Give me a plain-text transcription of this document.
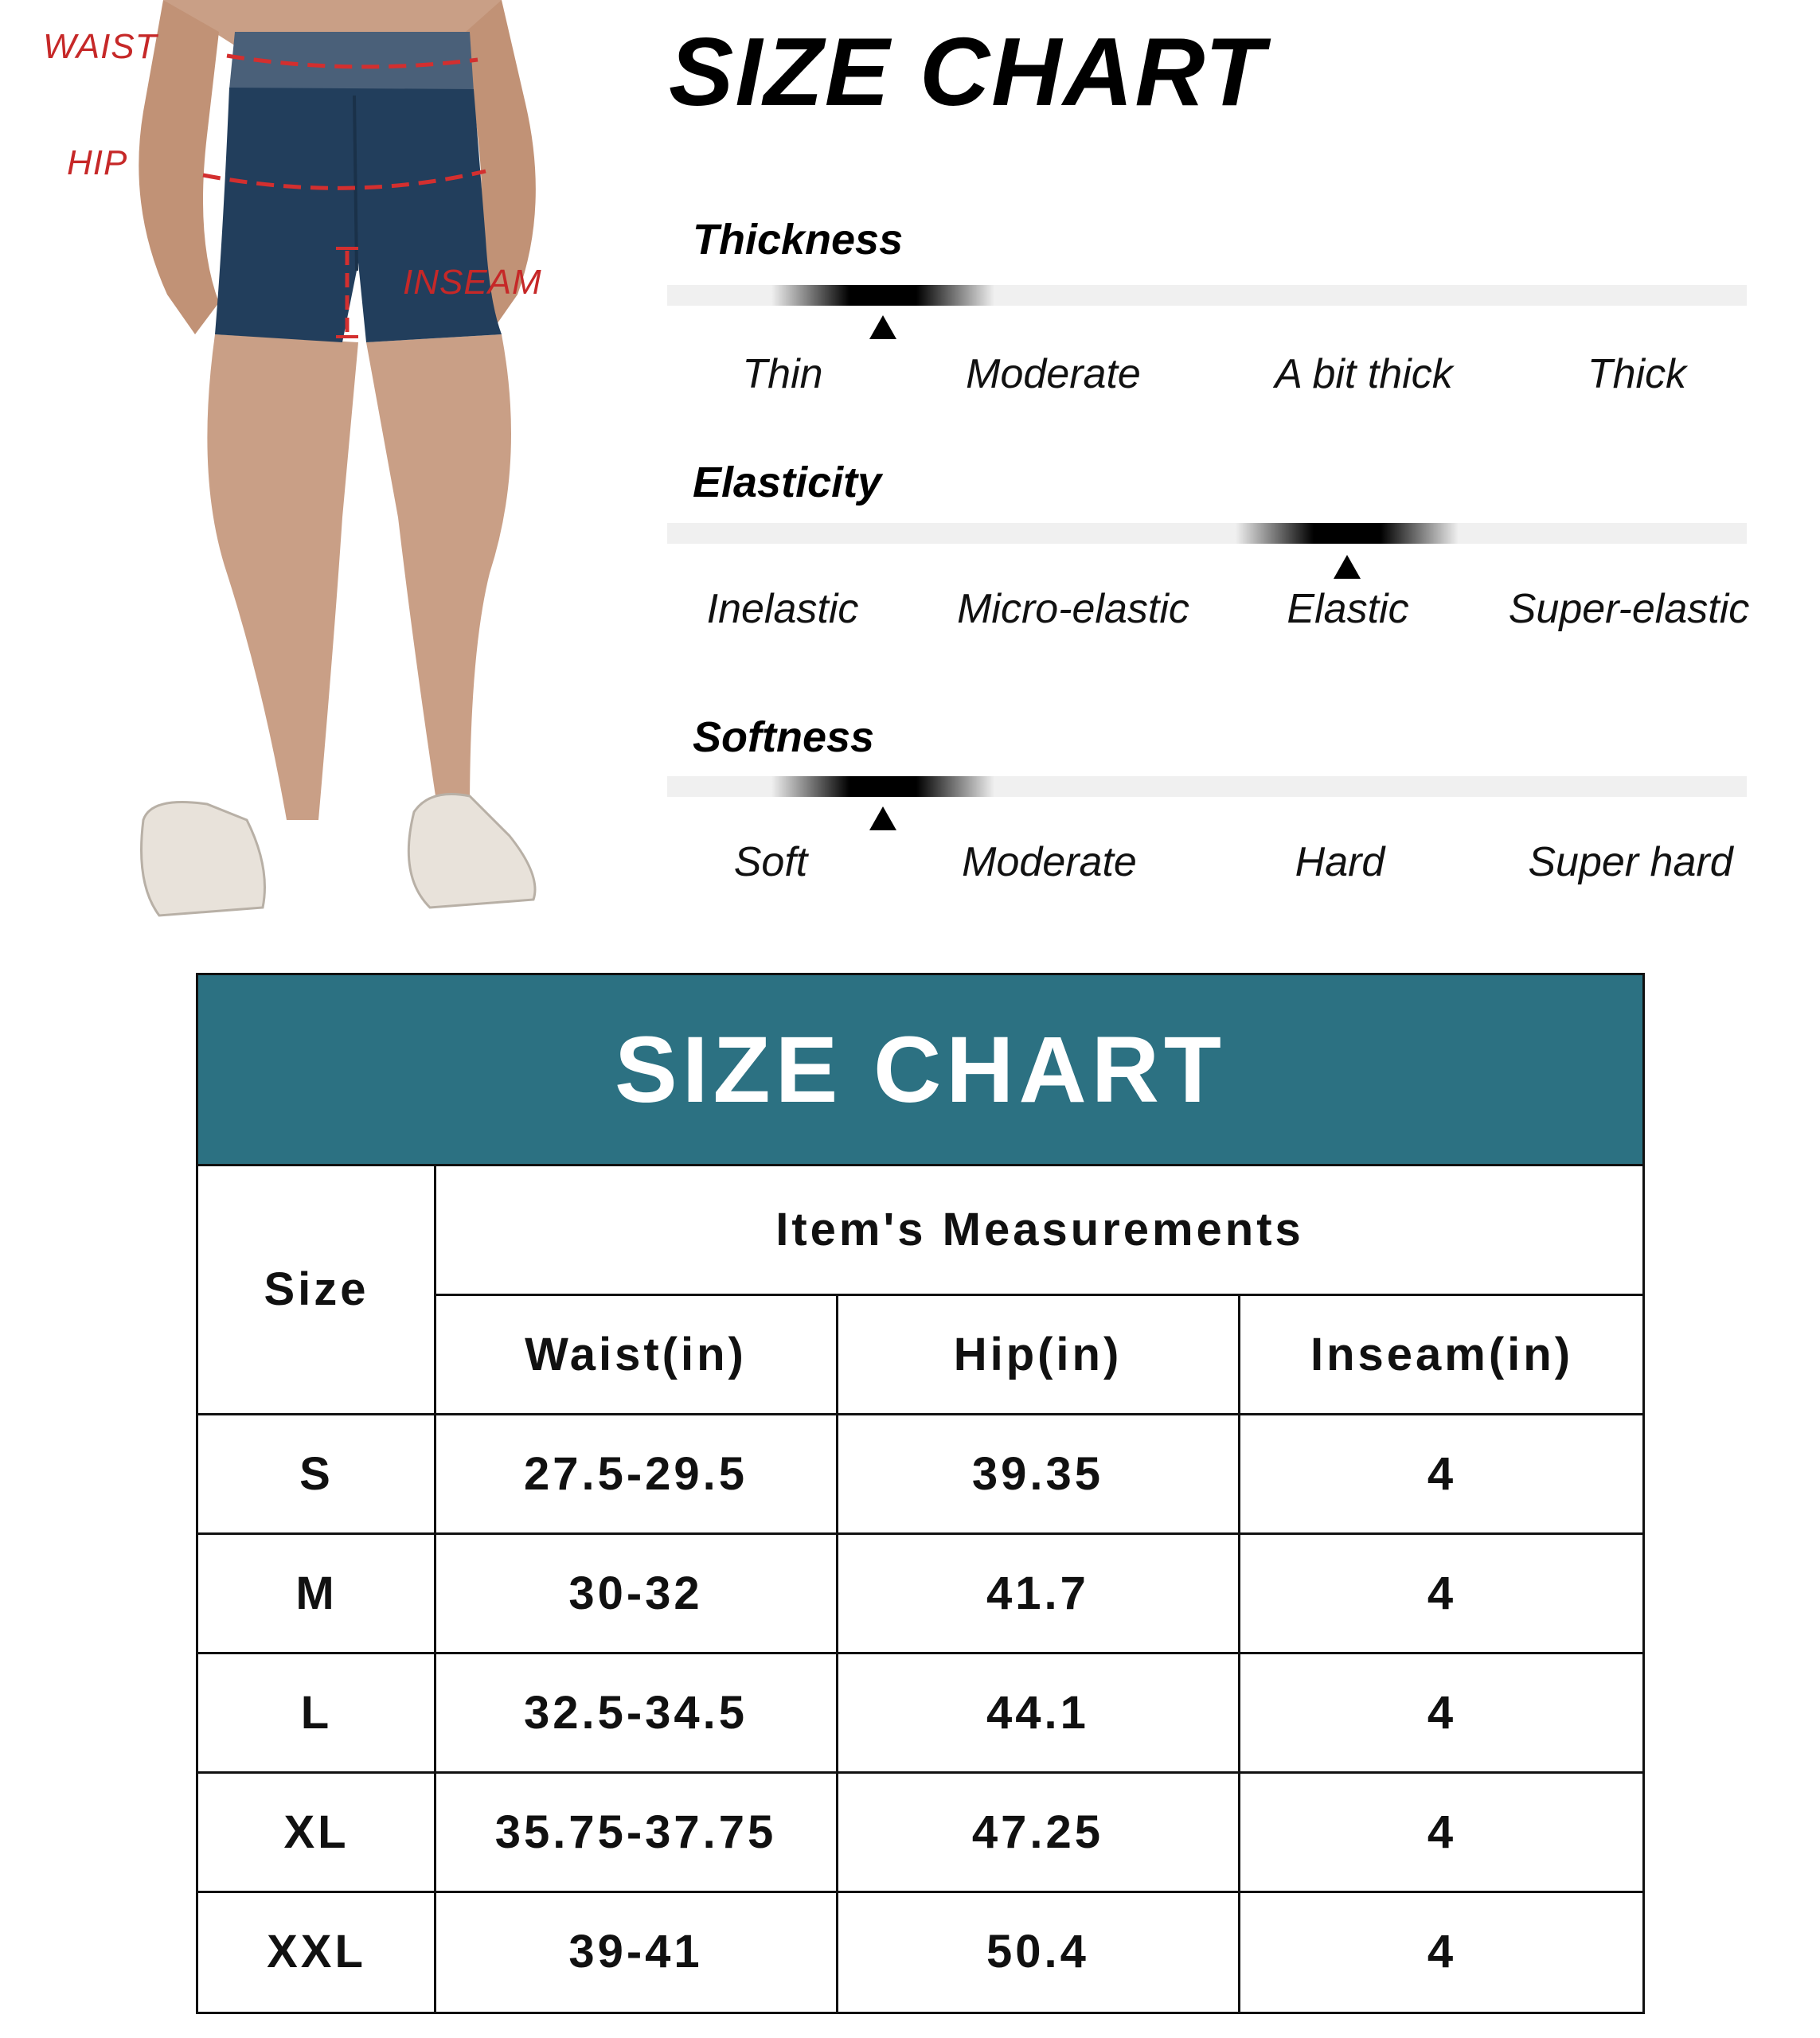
WAIST
HIP
INSEAM
SIZE CHART
Thickness
Thin	Moderate	A bit thick	Thick
Elasticity
Inelastic Micro-elastic Elastic Super-elastic
Softness
Soft	Moderate	Hard	Super hard
SIZE CHART
Size
Item's Measurements
Waist(in)	Hip(in)	Inseam(in)
S	27.5-29.5	39.35	4
M	30-32	41.7	4
L	32.5-34.5	44.1	4
XL	35.75-37.75	47.25	4
XXL	39-41	50.4	4
